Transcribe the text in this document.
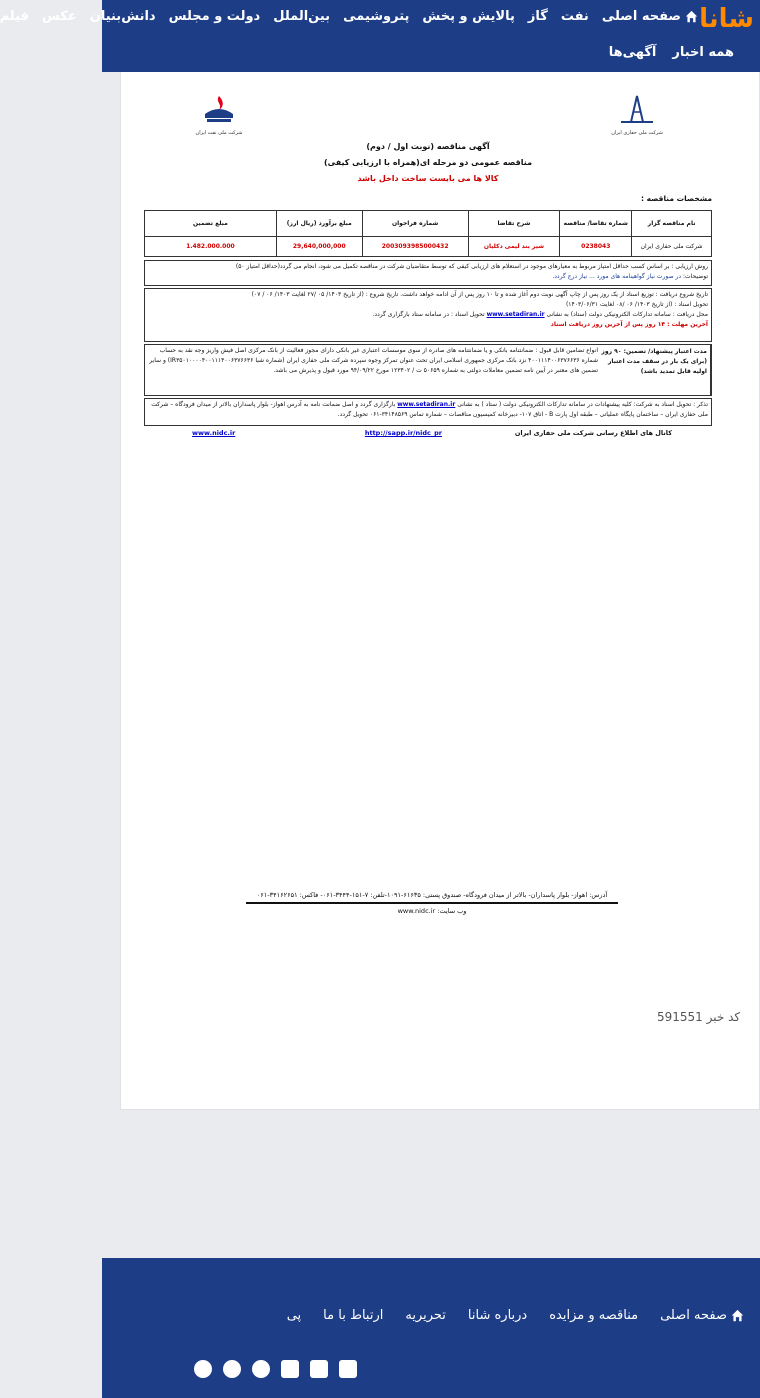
شانا
صفحه اصلی
نفت
گاز
پالایش و پخش
پتروشیمی
بین‌الملل
دولت و مجلس
دانش‌بنیان
عکس
فیلم
همه اخبار
آگهی‌ها
شرکت ملی نفت ایران	شرکت ملی حفاری ایران
آگهی مناقصه (نوبت اول / دوم)
مناقصه عمومی دو مرحله ای(همراه با ارزیابی کیفی)
کالا ها می بایست ساخت داخل باشد
مشخصات مناقصه :
نام مناقصه گزار	شماره تقاضا/ مناقصه	شرح تقاضا	شماره فراخوان	مبلغ برآورد (ریال ارز)	مبلغ تضمین
شرکت ملی حفاری ایران	0238043	شیر بند لیمی دکلیان	2003093985000432	29,640,000,000	1.482.000.000
روش ارزیابی : بر اساس کسب حداقل امتیاز مربوط به معیارهای موجود در استعلام های ارزیابی کیفی که توسط متقاضیان شرکت در مناقصه تکمیل می شود، انجام می گردد(حداقل امتیاز ۵۰)
توضیحات: در صورت نیاز گواهینامه های مورد ... نیاز درج گردد.
تاریخ شروع دریافت : توزیع اسناد از یک روز پس از چاپ آگهی نوبت دوم آغاز شده و تا ۱۰ روز پس از آن ادامه خواهد داشت. تاریخ شروع : (از تاریخ ۱۴۰۳/ ۰۵ /۲۷ لغایت ۱۴۰۳/ ۰۶ / ۰۷)
تحویل اسناد : (از تاریخ ۱۴۰۳/ ۰۶ /۰۸ لغایت ۱۴۰۳/۰۶/۳۱)
محل دریافت : سامانه تدارکات الکترونیکی دولت (ستاد) به نشانی www.setadiran.ir تحویل اسناد : در سامانه ستاد بارگزاری گردد.
آخرین مهلت : ۱۴ روز پس از آخرین روز دریافت اسناد
انواع تضامین قابل قبول : ضمانتنامه بانکی و یا ضمانتنامه های صادره از سوی موسسات اعتباری غیر بانکی دارای مجوز فعالیت از بانک مرکزی اصل فیش واریز وجه نقد به حساب شماره ۴۰۰۱۱۱۴۰۰۶۳۷۶۶۳۶ نزد بانک مرکزی جمهوری اسلامی ایران تحت عنوان تمرکز وجوه سپرده شرکت ملی حفاری ایران (شماره شبا IR۳۵۰۱۰۰۰۰۴۰۰۱۱۱۴۰۰۶۳۷۶۶۳۶) و سایر تضمین های معتبر در آیین نامه تضمین معاملات دولتی به شماره ۵۰۶۵۹ ت / ۱۲۳۴۰۲ مورخ ۹۴/۰۹/۲۲ مورد قبول و پذیرش می باشد.
مدت اعتبار پیشنهاد/ تضمین: ۹۰ روز (برای یک بار در سقف مدت اعتبار اولیه قابل تمدید باشد)
تذکر : تحویل اسناد به شرکت: کلیه پیشنهادات در سامانه تدارکات الکترونیکی دولت ( ستاد ) به نشانی www.setadiran.ir بارگزاری گردد و اصل ضمانت نامه به آدرس اهواز- بلوار پاسداران بالاتر از میدان فرودگاه – شرکت ملی حفاری ایران – ساختمان پایگاه عملیاتی – طبقه اول پارت B - اتاق ۱۰۷- دبیرخانه کمیسیون مناقصات – شماره تماس ۳۴۱۴۸۵۶۹-۰۶۱ تحویل گردد.
کانال های اطلاع رسانی شرکت ملی حفاری ایران
http://sapp.ir/nidc_pr
www.nidc.ir
آدرس: اهواز- بلوار پاسداران- بالاتر از میدان فرودگاه- صندوق پستی: ۶۱۶۳۵-۱۰۹۱-تلفن: ۷-۱۵۱-۳۴۴۴-۰۶۱- فاکس: ۳۴۱۶۲۶۵۱-۰۶۱
وب سایت: www.nidc.ir
کد خبر 591551
صفحه اصلی
مناقصه و مزایده
درباره شانا
تحریریه
ارتباط با ما
پی
